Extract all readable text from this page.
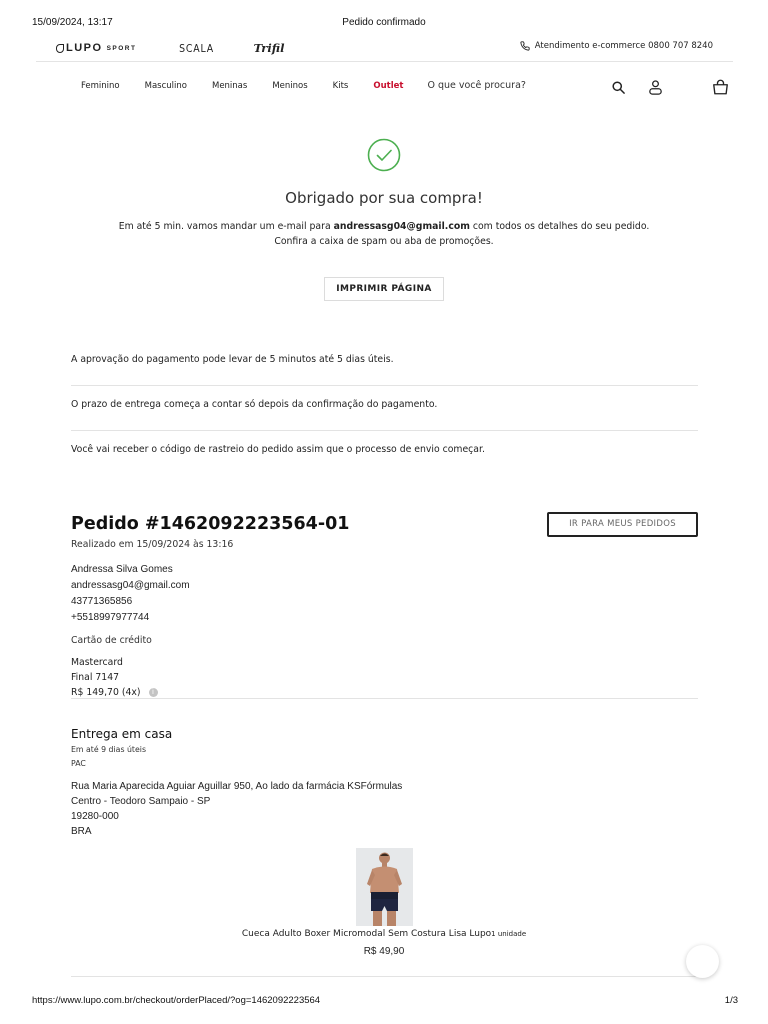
15/09/2024, 13:17	Pedido confirmado
LUPO SPORT	SCALA	Trifil	Atendimento e-commerce 0800 707 8240
Feminino	Masculino	Meninas	Meninos	Kits	Outlet	O que você procura?
Obrigado por sua compra!
Em até 5 min. vamos mandar um e-mail para andressasg04@gmail.com com todos os detalhes do seu pedido.
Confira a caixa de spam ou aba de promoções.
IMPRIMIR PÁGINA
A aprovação do pagamento pode levar de 5 minutos até 5 dias úteis.
O prazo de entrega começa a contar só depois da confirmação do pagamento.
Você vai receber o código de rastreio do pedido assim que o processo de envio começar.
Pedido #1462092223564-01
Realizado em 15/09/2024 às 13:16
IR PARA MEUS PEDIDOS
Andressa Silva Gomes
andressasg04@gmail.com
43771365856
+5518997977744
Cartão de crédito
Mastercard
Final 7147
R$ 149,70 (4x) i
Entrega em casa
Em até 9 dias úteis
PAC
Rua Maria Aparecida Aguiar Aguillar 950, Ao lado da farmácia KSFórmulas
Centro - Teodoro Sampaio - SP
19280-000
BRA
Cueca Adulto Boxer Micromodal Sem Costura Lisa Lupo1 unidade
R$ 49,90
https://www.lupo.com.br/checkout/orderPlaced/?og=1462092223564	1/3
